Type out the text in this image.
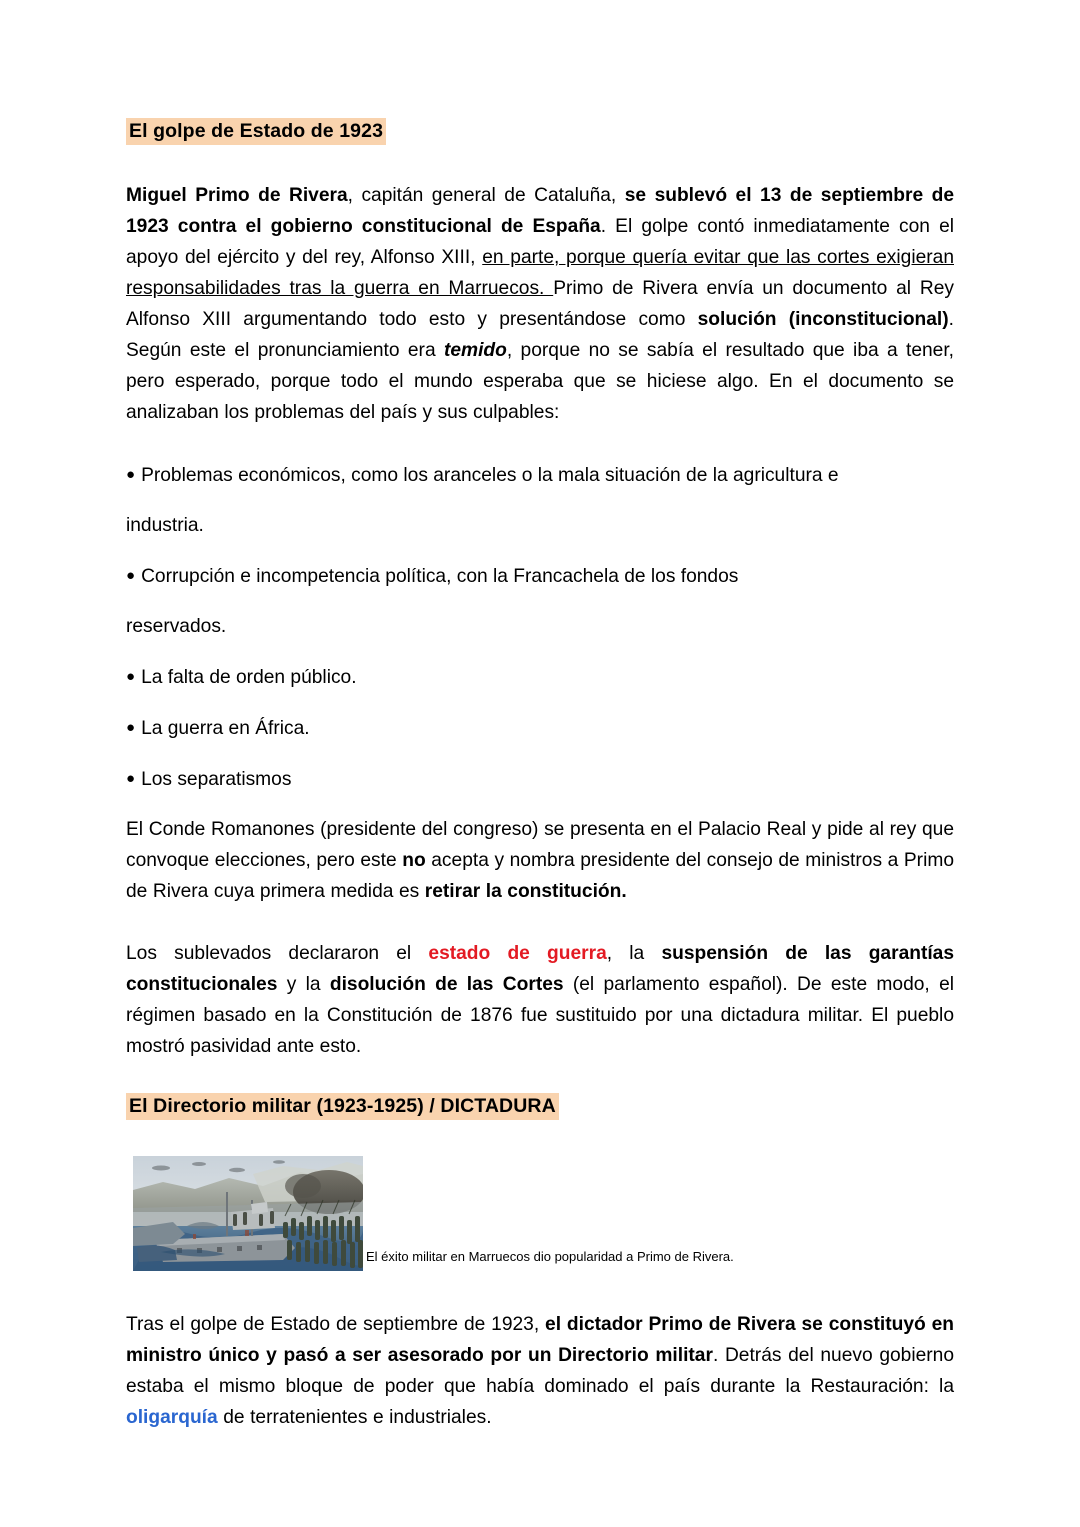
El golpe de Estado de 1923

Miguel Primo de Rivera, capitán general de Cataluña, se sublevó el 13 de septiembre de 1923 contra el gobierno constitucional de España. El golpe contó inmediatamente con el apoyo del ejército y del rey, Alfonso XIII, en parte, porque quería evitar que las cortes exigieran responsabilidades tras la guerra en Marruecos. Primo de Rivera envía un documento al Rey Alfonso XIII argumentando todo esto y presentándose como solución (inconstitucional). Según este el pronunciamiento era temido, porque no se sabía el resultado que iba a tener, pero esperado, porque todo el mundo esperaba que se hiciese algo. En el documento se analizaban los problemas del país y sus culpables:

● Problemas económicos, como los aranceles o la mala situación de la agricultura e

industria.

● Corrupción e incompetencia política, con la Francachela de los fondos

reservados.

● La falta de orden público.

● La guerra en África.

● Los separatismos

El Conde Romanones (presidente del congreso) se presenta en el Palacio Real y pide al rey que convoque elecciones, pero este no acepta y nombra presidente del consejo de ministros a Primo de Rivera cuya primera medida es retirar la constitución.

Los sublevados declararon el estado de guerra, la suspensión de las garantías constitucionales y la disolución de las Cortes (el parlamento español). De este modo, el régimen basado en la Constitución de 1876 fue sustituido por una dictadura militar. El pueblo mostró pasividad ante esto.

El Directorio militar (1923-1925) / DICTADURA
El éxito militar en Marruecos dio popularidad a Primo de Rivera.

Tras el golpe de Estado de septiembre de 1923, el dictador Primo de Rivera se constituyó en ministro único y pasó a ser asesorado por un Directorio militar. Detrás del nuevo gobierno estaba el mismo bloque de poder que había dominado el país durante la Restauración: la oligarquía de terratenientes e industriales.
